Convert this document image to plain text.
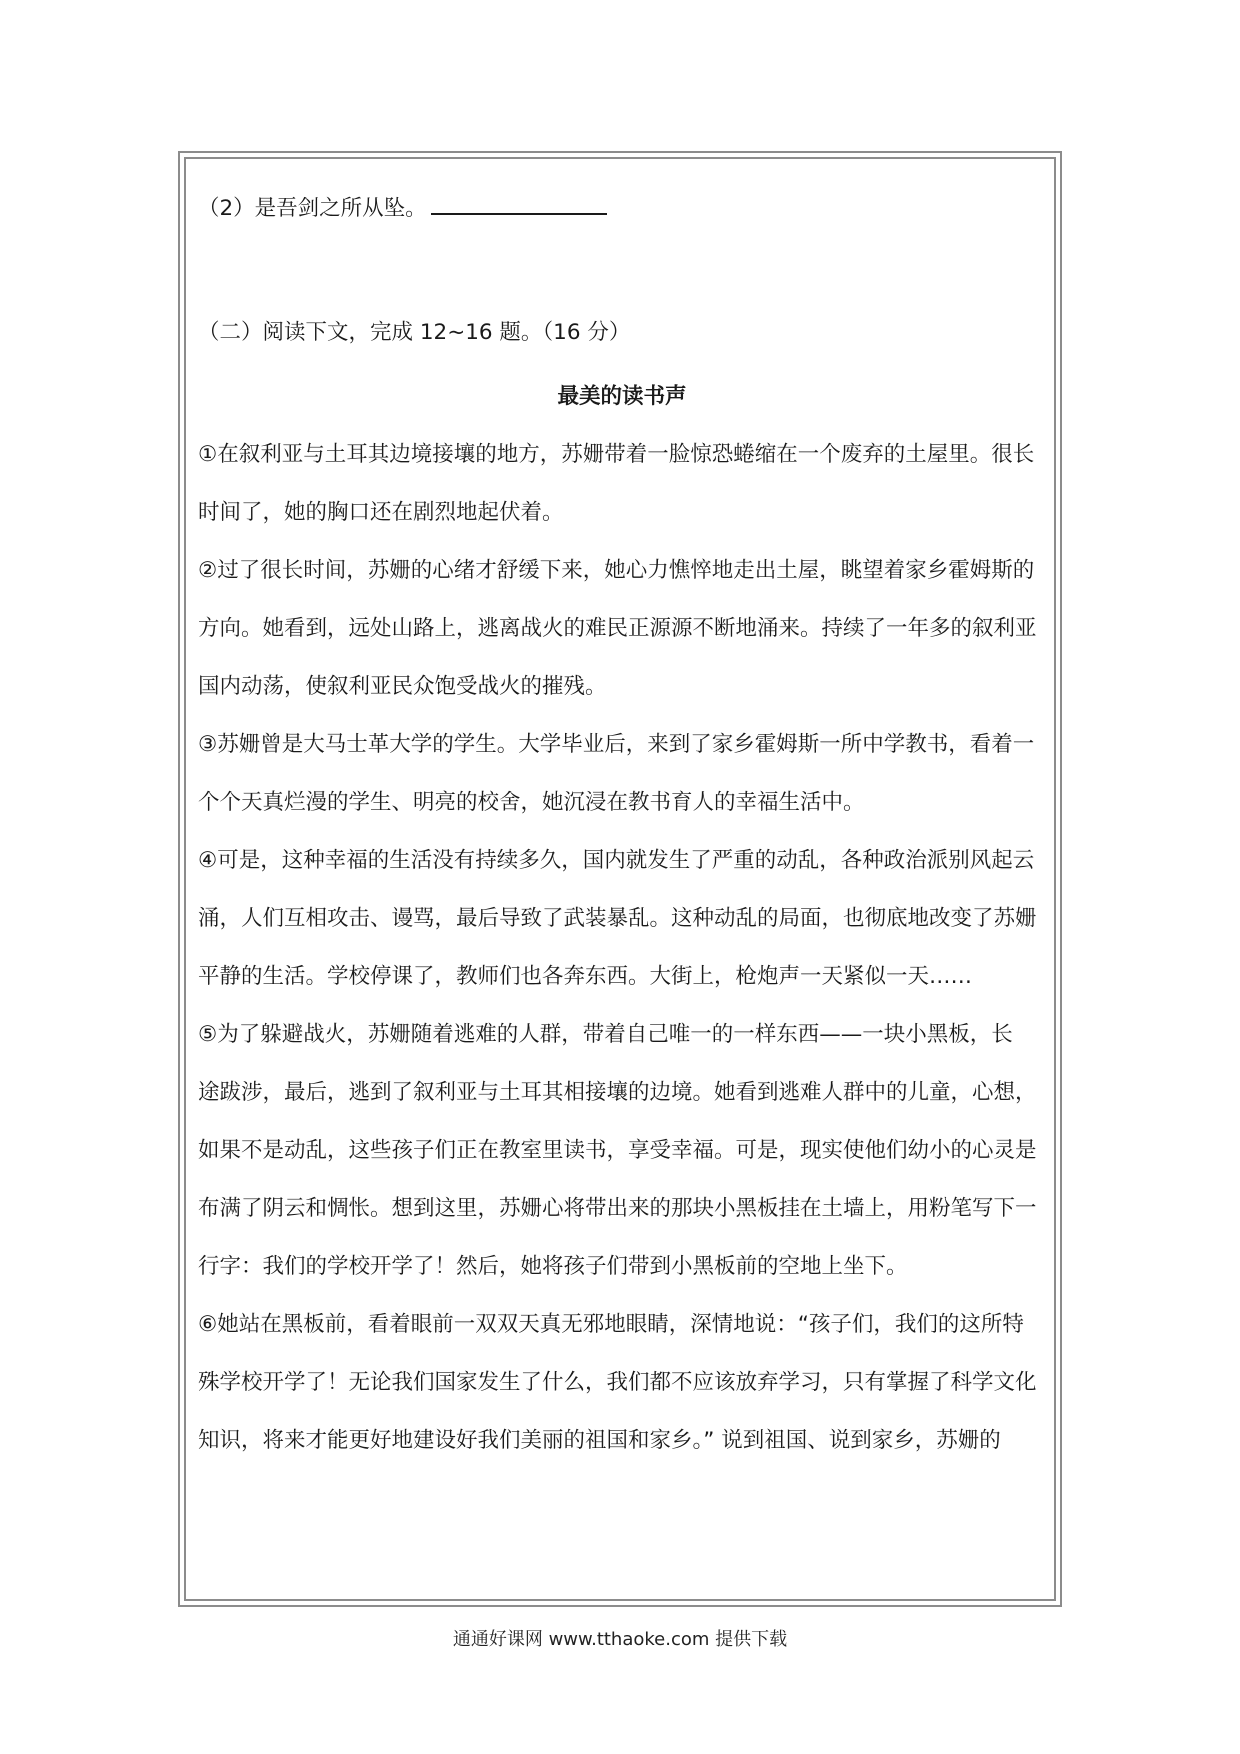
（2）是吾剑之所从坠。
（二）阅读下文，完成 12~16 题。（16 分）
最美的读书声
①在叙利亚与土耳其边境接壤的地方，苏姗带着一脸惊恐蜷缩在一个废弃的土屋里。很长
时间了，她的胸口还在剧烈地起伏着。
②过了很长时间，苏姗的心绪才舒缓下来，她心力憔悴地走出土屋，眺望着家乡霍姆斯的
方向。她看到，远处山路上，逃离战火的难民正源源不断地涌来。持续了一年多的叙利亚
国内动荡，使叙利亚民众饱受战火的摧残。
③苏姗曾是大马士革大学的学生。大学毕业后，来到了家乡霍姆斯一所中学教书，看着一
个个天真烂漫的学生、明亮的校舍，她沉浸在教书育人的幸福生活中。
④可是，这种幸福的生活没有持续多久，国内就发生了严重的动乱，各种政治派别风起云
涌，人们互相攻击、谩骂，最后导致了武装暴乱。这种动乱的局面，也彻底地改变了苏姗
平静的生活。学校停课了，教师们也各奔东西。大街上，枪炮声一天紧似一天……
⑤为了躲避战火，苏姗随着逃难的人群，带着自己唯一的一样东西——一块小黑板，长
途跋涉，最后，逃到了叙利亚与土耳其相接壤的边境。她看到逃难人群中的儿童，心想，
如果不是动乱，这些孩子们正在教室里读书，享受幸福。可是，现实使他们幼小的心灵是
布满了阴云和惆怅。想到这里，苏姗心将带出来的那块小黑板挂在土墙上，用粉笔写下一
行字：我们的学校开学了！然后，她将孩子们带到小黑板前的空地上坐下。
⑥她站在黑板前，看着眼前一双双天真无邪地眼睛，深情地说：“孩子们，我们的这所特
殊学校开学了！无论我们国家发生了什么，我们都不应该放弃学习，只有掌握了科学文化
知识，将来才能更好地建设好我们美丽的祖国和家乡。” 说到祖国、说到家乡，苏姗的
通通好课网 www.tthaoke.com 提供下载
